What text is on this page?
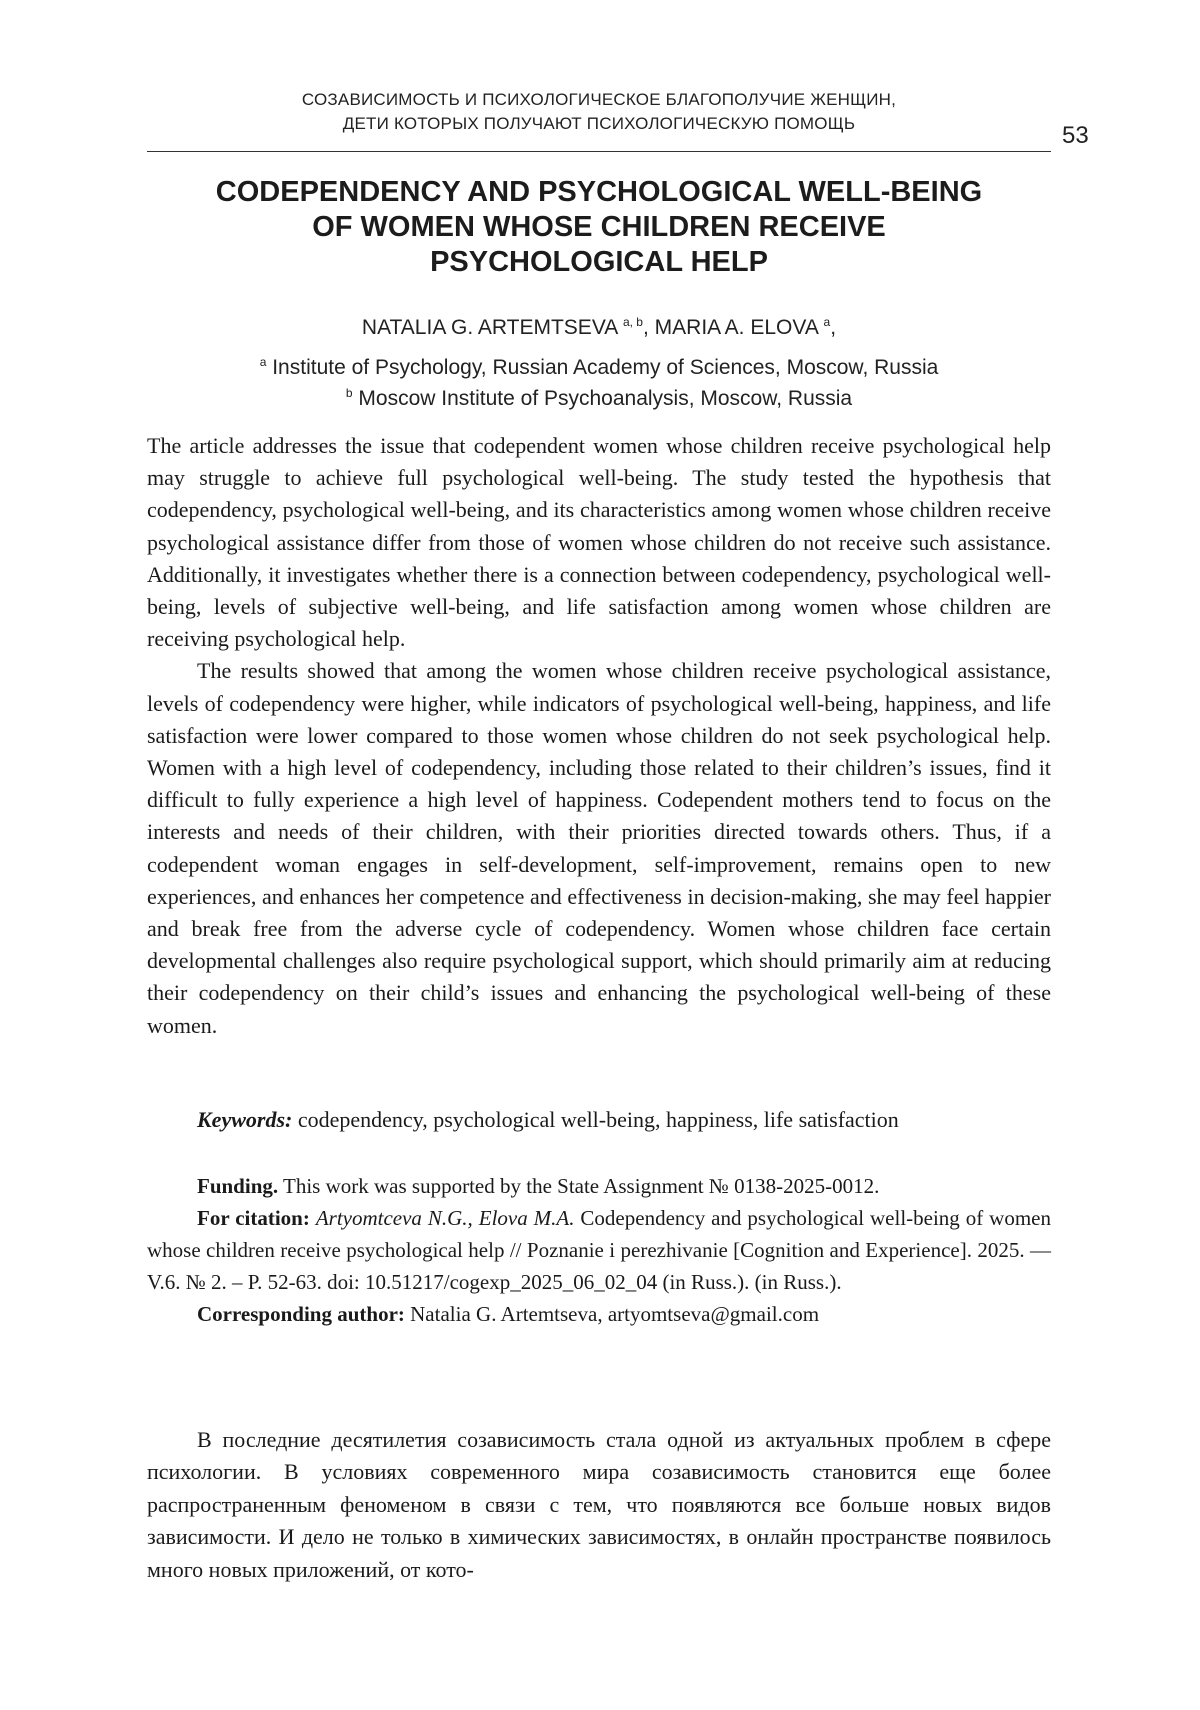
СОЗАВИСИМОСТЬ И ПСИХОЛОГИЧЕСКОЕ БЛАГОПОЛУЧИЕ ЖЕНЩИН,
ДЕТИ КОТОРЫХ ПОЛУЧАЮТ ПСИХОЛОГИЧЕСКУЮ ПОМОЩЬ	53
CODEPENDENCY AND PSYCHOLOGICAL WELL-BEING
OF WOMEN WHOSE CHILDREN RECEIVE
PSYCHOLOGICAL HELP
NATALIA G. ARTEMTSEVA $^{a, b}$, MARIA A. ELOVA $^a$,
$^a$ Institute of Psychology, Russian Academy of Sciences, Moscow, Russia
$^b$ Moscow Institute of Psychoanalysis, Moscow, Russia

The article addresses the issue that codependent women whose children receive psychological help may struggle to achieve full psychological well-being. The study tested the hypothesis that codependency, psychological well-being, and its characteristics among women whose children receive psychological assistance differ from those of women whose children do not receive such assistance. Additionally, it investigates whether there is a connection between codependency, psychological well-being, levels of subjective well-being, and life satisfaction among women whose children are receiving psychological help.

The results showed that among the women whose children receive psychological assistance, levels of codependency were higher, while indicators of psychological well-being, happiness, and life satisfaction were lower compared to those women whose children do not seek psychological help. Women with a high level of codependency, including those related to their children’s issues, find it difficult to fully experience a high level of happiness. Codependent mothers tend to focus on the interests and needs of their children, with their priorities directed towards others. Thus, if a codependent woman engages in self-development, self-improvement, remains open to new experiences, and enhances her competence and effectiveness in decision-making, she may feel happier and break free from the adverse cycle of codependency. Women whose children face certain developmental challenges also require psychological support, which should primarily aim at reducing their codependency on their child’s issues and enhancing the psychological well-being of these women.

Keywords: codependency, psychological well-being, happiness, life satisfaction

Funding. This work was supported by the State Assignment № 0138-2025-0012.

For citation: Artyomtceva N.G., Elova M.A. Codependency and psychological well-being of women whose children receive psychological help // Poznanie i perezhivanie [Cognition and Experience]. 2025. — V.6. № 2. – P. 52-63. doi: 10.51217/cogexp_2025_06_02_04 (in Russ.). (in Russ.).

Corresponding author: Natalia G. Artemtseva, artyomtseva@gmail.com

В последние десятилетия созависимость стала одной из актуальных проблем в сфере психологии. В условиях современного мира созависимость становится еще более распространенным феноменом в связи с тем, что появляются все больше новых видов зависимости. И дело не только в химических зависимостях, в онлайн пространстве появилось много новых приложений, от кото-
